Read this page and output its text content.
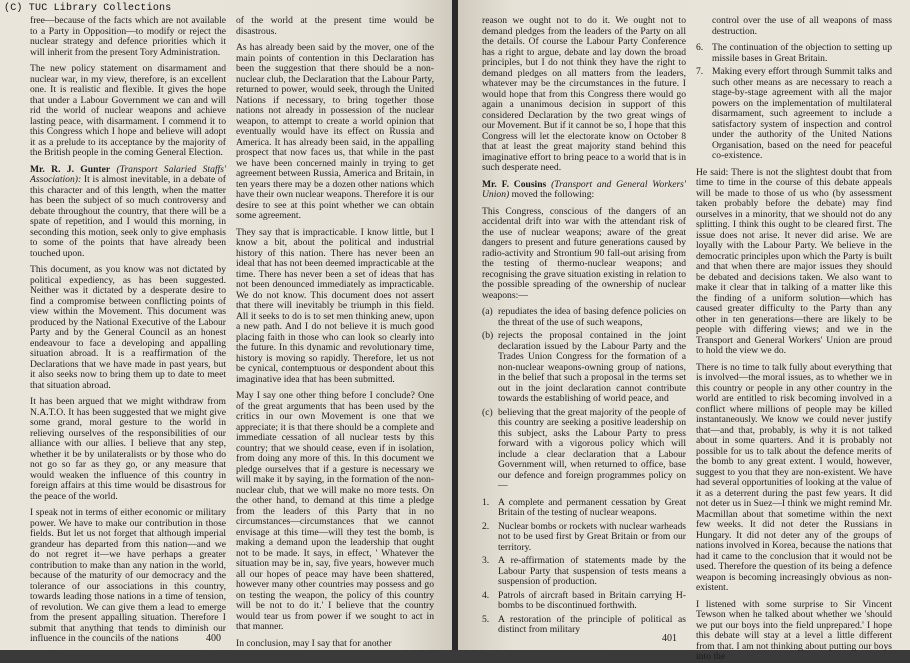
(C) TUC Library Collections

free—because of the facts which are not available to a Party in Opposition—to modify or reject the nuclear strategy and defence priorities which it will inherit from the present Tory Administration.

The new policy statement on disarmament and nuclear war, in my view, therefore, is an excellent one. It is realistic and flexible. It gives the hope that under a Labour Government we can and will rid the world of nuclear weapons and achieve lasting peace, with disarmament. I commend it to this Congress which I hope and believe will adopt it as a prelude to its acceptance by the majority of the British people in the coming General Election.

Mr. R. J. Gunter (Transport Salaried Staffs' Association): It is almost inevitable, in a debate of this character and of this length, when the matter has been the subject of so much controversy and debate throughout the country, that there will be a spate of repetition, and I would this morning, in seconding this motion, seek only to give emphasis to some of the points that have already been touched upon.

This document, as you know was not dictated by political expediency, as has been suggested. Neither was it dictated by a desperate desire to find a compromise between conflicting points of view within the Movement. This document was produced by the National Executive of the Labour Party and by the General Council as an honest endeavour to face a developing and appalling situation abroad. It is a reaffirmation of the Declarations that we have made in past years, but it also seeks now to bring them up to date to meet that situation abroad.

It has been argued that we might withdraw from N.A.T.O. It has been suggested that we might give some grand, moral gesture to the world in relieving ourselves of the responsibilities of our alliance with our allies. I believe that any step, whether it be by unilateralists or by those who do not go so far as they go, or any measure that would weaken the influence of this country in foreign affairs at this time would be disastrous for the peace of the world.

I speak not in terms of either economic or military power. We have to make our contribution in those fields. But let us not forget that although imperial grandeur has departed from this nation—and we do not regret it—we have perhaps a greater contribution to make than any nation in the world, because of the maturity of our democracy and the tolerance of our associations in this country, towards leading those nations in a time of tension, of revolution. We can give them a lead to emerge from the present appalling situation. Therefore I submit that anything that tends to diminish our influence in the councils of the nations

of the world at the present time would be disastrous.

As has already been said by the mover, one of the main points of contention in this Declaration has been the suggestion that there should be a non-nuclear club, the Declaration that the Labour Party, returned to power, would seek, through the United Nations if necessary, to bring together those nations not already in possession of the nuclear weapon, to attempt to create a world opinion that eventually would have its effect on Russia and America. It has already been said, in the appalling prospect that now faces us, that while in the past we have been concerned mainly in trying to get agreement between Russia, America and Britain, in ten years there may be a dozen other nations which have their own nuclear weapons. Therefore it is our desire to see at this point whether we can obtain some agreement.

They say that is impracticable. I know little, but I know a bit, about the political and industrial history of this nation. There has never been an ideal that has not been deemed impracticable at the time. There has never been a set of ideas that has not been denounced immediately as impracticable. We do not know. This document does not assert that there will inevitably be triumph in this field. All it seeks to do is to set men thinking anew, upon a new path. And I do not believe it is much good placing faith in those who can look so clearly into the future. In this dynamic and revolutionary time, history is moving so rapidly. Therefore, let us not be cynical, contemptuous or despondent about this imaginative idea that has been submitted.

May I say one other thing before I conclude? One of the great arguments that has been used by the critics in our own Movement is one that we appreciate; it is that there should be a complete and immediate cessation of all nuclear tests by this country; that we should cease, even if in isolation, from doing any more of this. In this document we pledge ourselves that if a gesture is necessary we will make it by saying, in the formation of the non-nuclear club, that we will make no more tests. On the other hand, to demand at this time a pledge from the leaders of this Party that in no circumstances—circumstances that we cannot envisage at this time—will they test the bomb, is making a demand upon the leadership that ought not to be made. It says, in effect, ' Whatever the situation may be in, say, five years, however much all our hopes of peace may have been shattered, however many other countries may possess and go on testing the weapon, the policy of this country will be not to do it.' I believe that the country would tear us from power if we sought to act in that manner.

In conclusion, may I say that for another

400

reason we ought not to do it. We ought not to demand pledges from the leaders of the Party on all the details. Of course the Labour Party Conference has a right to argue, debate and lay down the broad principles, but I do not think they have the right to demand pledges on all matters from the leaders, whatever may be the circumstances in the future. I would hope that from this Congress there would go again a unanimous decision in support of this considered Declaration by the two great wings of our Movement. But if it cannot be so, I hope that this Congress will let the electorate know on October 8 that at least the great majority stand behind this imaginative effort to bring peace to a world that is in such desperate need.

Mr. F. Cousins (Transport and General Workers' Union) moved the following:

This Congress, conscious of the dangers of an accidental drift into war with the attendant risk of the use of nuclear weapons; aware of the great dangers to present and future generations caused by radio-activity and Strontium 90 fall-out arising from the testing of thermo-nuclear weapons; and recognising the grave situation existing in relation to the possible spreading of the ownership of nuclear weapons:—

(a) repudiates the idea of basing defence policies on the threat of the use of such weapons,
(b) rejects the proposal contained in the joint declaration issued by the Labour Party and the Trades Union Congress for the formation of a non-nuclear weapons-owning group of nations, in the belief that such a proposal in the terms set out in the joint declaration cannot contribute towards the establishing of world peace, and
(c) believing that the great majority of the people of this country are seeking a positive leadership on this subject, asks the Labour Party to press forward with a vigorous policy which will include a clear declaration that a Labour Government will, when returned to office, base our defence and foreign programmes policy on—
1. A complete and permanent cessation by Great Britain of the testing of nuclear weapons.
2. Nuclear bombs or rockets with nuclear warheads not to be used first by Great Britain or from our territory.
3. A re-affirmation of statements made by the Labour Party that suspension of tests means a suspension of production.
4. Patrols of aircraft based in Britain carrying H-bombs to be discontinued forthwith.
5. A restoration of the principle of political as distinct from military

control over the use of all weapons of mass destruction.

6. The continuation of the objection to setting up missile bases in Great Britain.
7. Making every effort through Summit talks and such other means as are necessary to reach a stage-by-stage agreement with all the major powers on the implementation of multilateral disarmament, such agreement to include a satisfactory system of inspection and control under the authority of the United Nations Organisation, based on the need for peaceful co-existence.

He said: There is not the slightest doubt that from time to time in the course of this debate appeals will be made to those of us who (by assessment taken probably before the debate) may find ourselves in a minority, that we should not do any splitting. I think this ought to be cleared first. The issue does not arise. It never did arise. We are loyally with the Labour Party. We believe in the democratic principles upon which the Party is built and that when there are major issues they should be debated and decisions taken. We also want to make it clear that in talking of a matter like this the finding of a uniform solution—which has caused greater difficulty to the Party than any other in ten generations—there are likely to be people with differing views; and we in the Transport and General Workers' Union are proud to hold the view we do.

There is no time to talk fully about everything that is involved—the moral issues, as to whether we in this country or people in any other country in the world are entitled to risk becoming involved in a conflict where millions of people may be killed instantaneously. We know we could never justify that—and that, probably, is why it is not talked about in some quarters. And it is probably not possible for us to talk about the defence merits of the bomb to any great extent. I would, however, suggest to you that they are non-existent. We have had several opportunities of looking at the value of it as a deterrent during the past few years. It did not deter us in Suez—I think we might remind Mr. Macmillan about that sometime within the next few weeks. It did not deter the Russians in Hungary. It did not deter any of the groups of nations involved in Korea, because the nations that had it came to the conclusion that it would not be used. Therefore the question of its being a defence weapon is becoming increasingly obvious as non-existent.

I listened with some surprise to Sir Vincent Tewson when he talked about whether we 'should we put our boys into the field unprepared.' I hope this debate will stay at a level a little different from that. I am not thinking about putting our boys into the

401
